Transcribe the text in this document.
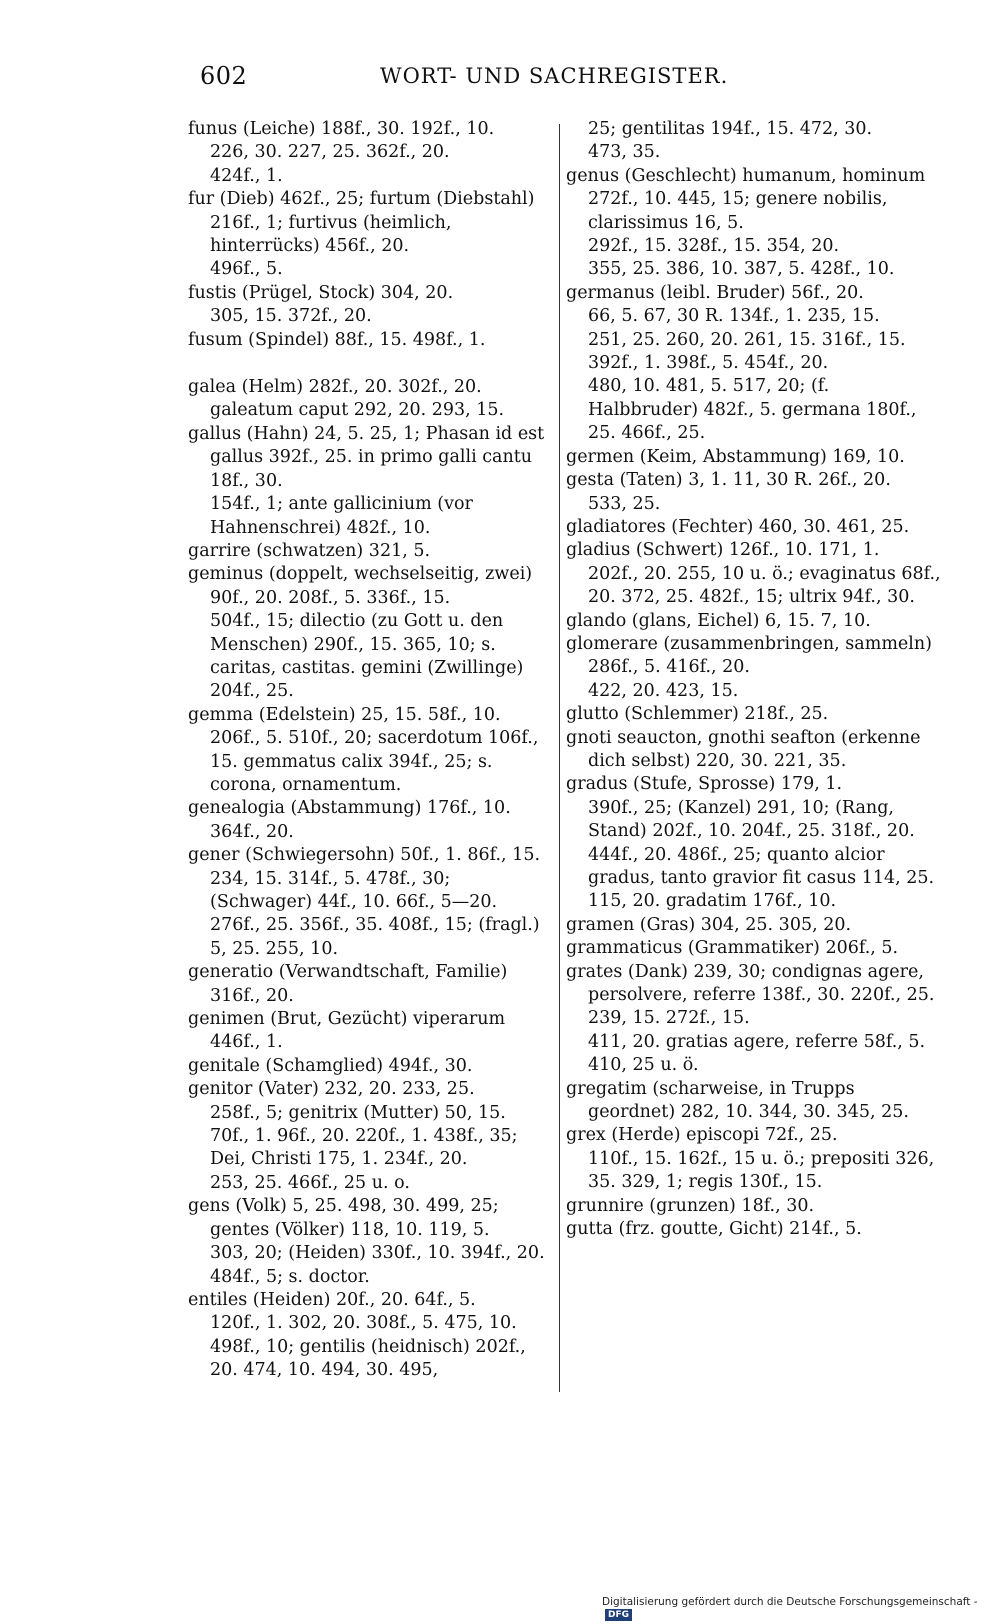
602	WORT- UND SACHREGISTER.

funus (Leiche) 188f., 30. 192f., 10.
226, 30. 227, 25. 362f., 20.
424f., 1.

fur (Dieb) 462f., 25; furtum (Diebstahl) 216f., 1; furtivus (heimlich, hinterrücks) 456f., 20.
496f., 5.

fustis (Prügel, Stock) 304, 20.
305, 15. 372f., 20.

fusum (Spindel) 88f., 15. 498f., 1.

galea (Helm) 282f., 20. 302f., 20.
galeatum caput 292, 20. 293, 15.

gallus (Hahn) 24, 5. 25, 1; Phasan id est gallus 392f., 25. in primo galli cantu 18f., 30.
154f., 1; ante gallicinium (vor Hahnenschrei) 482f., 10.

garrire (schwatzen) 321, 5.

geminus (doppelt, wechselseitig, zwei) 90f., 20. 208f., 5. 336f., 15.
504f., 15; dilectio (zu Gott u. den Menschen) 290f., 15. 365, 10; s. caritas, castitas. gemini (Zwillinge) 204f., 25.

gemma (Edelstein) 25, 15. 58f., 10.
206f., 5. 510f., 20; sacerdotum 106f., 15. gemmatus calix 394f., 25; s. corona, ornamentum.

genealogia (Abstammung) 176f., 10. 364f., 20.

gener (Schwiegersohn) 50f., 1. 86f., 15. 234, 15. 314f., 5. 478f., 30; (Schwager) 44f., 10. 66f., 5—20.
276f., 25. 356f., 35. 408f., 15; (fragl.) 5, 25. 255, 10.

generatio (Verwandtschaft, Familie) 316f., 20.

genimen (Brut, Gezücht) viperarum 446f., 1.

genitale (Schamglied) 494f., 30.

genitor (Vater) 232, 20. 233, 25.
258f., 5; genitrix (Mutter) 50, 15.
70f., 1. 96f., 20. 220f., 1. 438f., 35; Dei, Christi 175, 1. 234f., 20.
253, 25. 466f., 25 u. o.

gens (Volk) 5, 25. 498, 30. 499, 25; gentes (Völker) 118, 10. 119, 5.
303, 20; (Heiden) 330f., 10. 394f., 20. 484f., 5; s. doctor.

entiles (Heiden) 20f., 20. 64f., 5.
120f., 1. 302, 20. 308f., 5. 475, 10. 498f., 10; gentilis (heidnisch) 202f., 20. 474, 10. 494, 30. 495,

25; gentilitas 194f., 15. 472, 30.
473, 35.

genus (Geschlecht) humanum, hominum 272f., 10. 445, 15; genere nobilis, clarissimus 16, 5.
292f., 15. 328f., 15. 354, 20.
355, 25. 386, 10. 387, 5. 428f., 10.

germanus (leibl. Bruder) 56f., 20.
66, 5. 67, 30 R. 134f., 1. 235, 15.
251, 25. 260, 20. 261, 15. 316f., 15. 392f., 1. 398f., 5. 454f., 20.
480, 10. 481, 5. 517, 20; (f. Halbbruder) 482f., 5. germana 180f., 25. 466f., 25.

germen (Keim, Abstammung) 169, 10.

gesta (Taten) 3, 1. 11, 30 R. 26f., 20.
533, 25.

gladiatores (Fechter) 460, 30. 461, 25.

gladius (Schwert) 126f., 10. 171, 1.
202f., 20. 255, 10 u. ö.; evaginatus 68f., 20. 372, 25. 482f., 15; ultrix 94f., 30.

glando (glans, Eichel) 6, 15. 7, 10.

glomerare (zusammenbringen, sammeln) 286f., 5. 416f., 20.
422, 20. 423, 15.

glutto (Schlemmer) 218f., 25.

gnoti seaucton, gnothi seafton (erkenne dich selbst) 220, 30. 221, 35.

gradus (Stufe, Sprosse) 179, 1.
390f., 25; (Kanzel) 291, 10; (Rang, Stand) 202f., 10. 204f., 25. 318f., 20. 444f., 20. 486f., 25; quanto alcior gradus, tanto gravior fit casus 114, 25. 115, 20. gradatim 176f., 10.

gramen (Gras) 304, 25. 305, 20.

grammaticus (Grammatiker) 206f., 5.

grates (Dank) 239, 30; condignas agere, persolvere, referre 138f., 30. 220f., 25. 239, 15. 272f., 15.
411, 20. gratias agere, referre 58f., 5. 410, 25 u. ö.

gregatim (scharweise, in Trupps geordnet) 282, 10. 344, 30. 345, 25.

grex (Herde) episcopi 72f., 25.
110f., 15. 162f., 15 u. ö.; prepositi 326, 35. 329, 1; regis 130f., 15.

grunnire (grunzen) 18f., 30.

gutta (frz. goutte, Gicht) 214f., 5.

Digitalisierung gefördert durch die Deutsche Forschungsgemeinschaft - DFG
